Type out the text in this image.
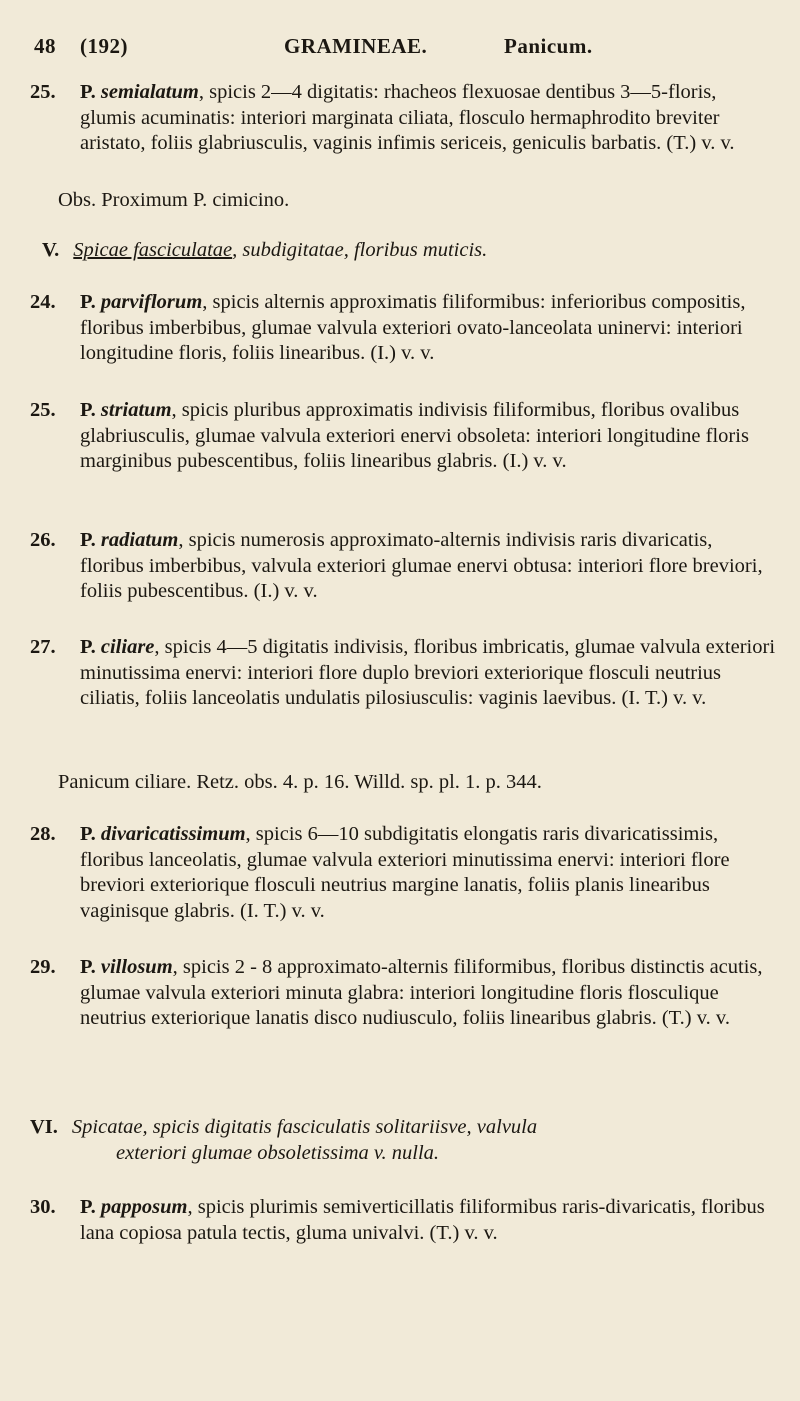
48 (192)	GRAMINEAE.	Panicum.
25. P. semialatum, spicis 2—4 digitatis: rhacheos flexuosae dentibus 3—5-floris, glumis acuminatis: interiori marginata ciliata, flosculo hermaphrodito breviter aristato, foliis glabriusculis, vaginis infimis sericeis, geniculis barbatis. (T.) v. v.
Obs. Proximum P. cimicino.
V. Spicae fasciculatae, subdigitatae, floribus muticis.
24. P. parviflorum, spicis alternis approximatis filiformibus: inferioribus compositis, floribus imberbibus, glumae valvula exteriori ovato-lanceolata uninervi: interiori longitudine floris, foliis linearibus. (I.) v. v.
25. P. striatum, spicis pluribus approximatis indivisis filiformibus, floribus ovalibus glabriusculis, glumae valvula exteriori enervi obsoleta: interiori longitudine floris marginibus pubescentibus, foliis linearibus glabris. (I.) v. v.
26. P. radiatum, spicis numerosis approximato-alternis indivisis raris divaricatis, floribus imberbibus, valvula exteriori glumae enervi obtusa: interiori flore breviori, foliis pubescentibus. (I.) v. v.
27. P. ciliare, spicis 4—5 digitatis indivisis, floribus imbricatis, glumae valvula exteriori minutissima enervi: interiori flore duplo breviori exteriorique flosculi neutrius ciliatis, foliis lanceolatis undulatis pilosiusculis: vaginis laevibus. (I. T.) v. v.
Panicum ciliare. Retz. obs. 4. p. 16. Willd. sp. pl. 1. p. 344.
28. P. divaricatissimum, spicis 6—10 subdigitatis elongatis raris divaricatissimis, floribus lanceolatis, glumae valvula exteriori minutissima enervi: interiori flore breviori exteriorique flosculi neutrius margine lanatis, foliis planis linearibus vaginisque glabris. (I. T.) v. v.
29. P. villosum, spicis 2 - 8 approximato-alternis filiformibus, floribus distinctis acutis, glumae valvula exteriori minuta glabra: interiori longitudine floris flosculique neutrius exteriorique lanatis disco nudiusculo, foliis linearibus glabris. (T.) v. v.
VI. Spicatae, spicis digitatis fasciculatis solitariisve, valvula
exteriori glumae obsoletissima v. nulla.
30. P. papposum, spicis plurimis semiverticillatis filiformibus raris-divaricatis, floribus lana copiosa patula tectis, gluma univalvi. (T.) v. v.
